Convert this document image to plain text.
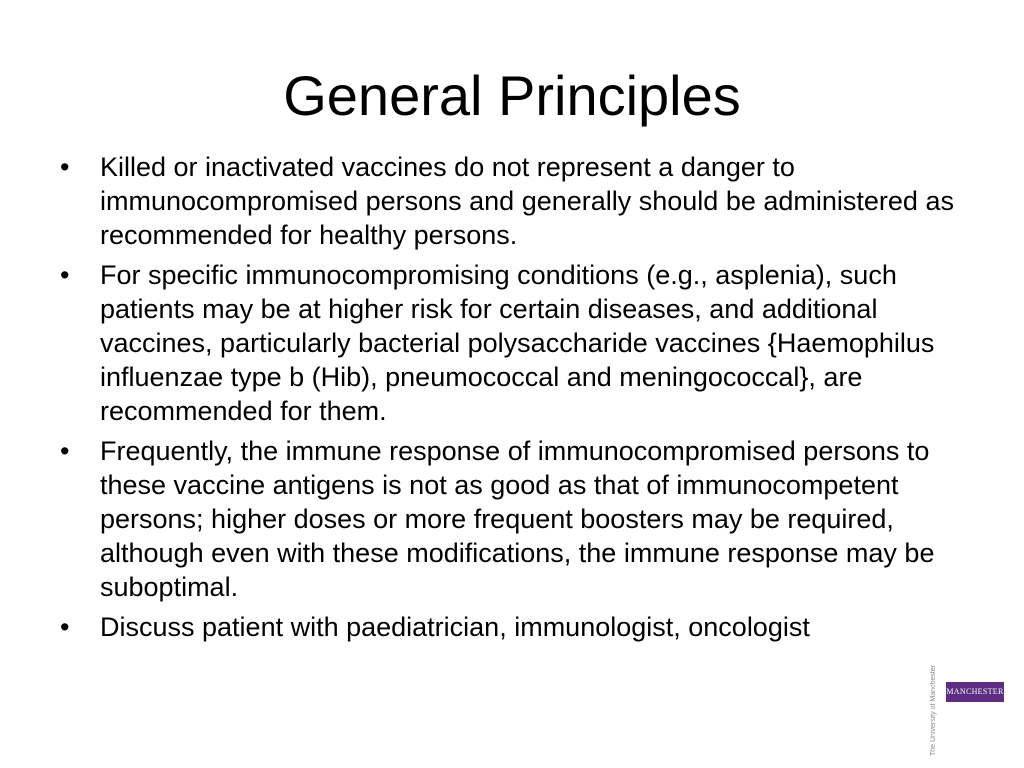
General Principles
•	Killed or inactivated vaccines do not represent a danger to immunocompromised persons and generally should be administered as recommended for healthy persons.
•	For specific immunocompromising conditions (e.g., asplenia), such patients may be at higher risk for certain diseases, and additional vaccines, particularly bacterial polysaccharide vaccines {Haemophilus influenzae type b (Hib), pneumococcal and meningococcal}, are recommended for them.
•	Frequently, the immune response of immunocompromised persons to these vaccine antigens is not as good as that of immunocompetent persons; higher doses or more frequent boosters may be required, although even with these modifications, the immune response may be suboptimal.
•	Discuss patient with paediatrician, immunologist, oncologist
MANCHESTER 1824
The University of Manchester
